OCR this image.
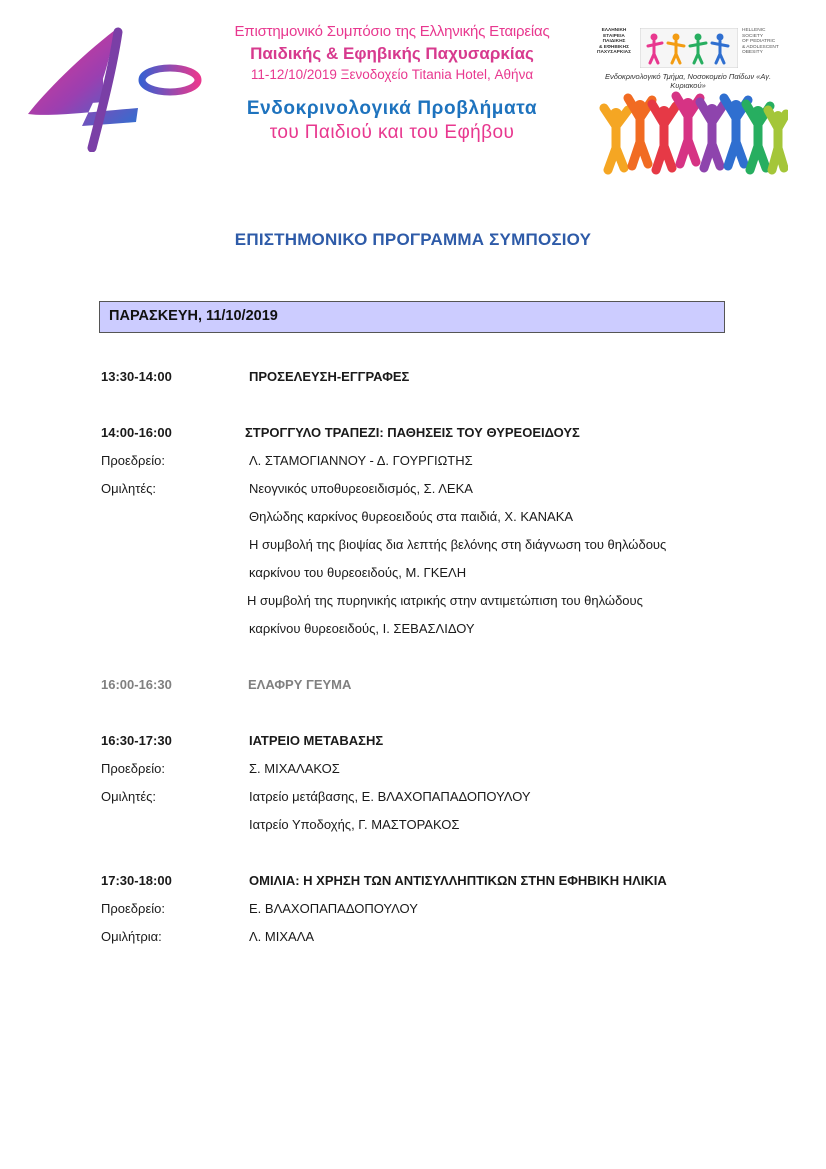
Επιστημονικό Συμπόσιο της Ελληνικής Εταιρείας
Παιδικής & Εφηβικής Παχυσαρκίας
11-12/10/2019 Ξενοδοχείο Titania Hotel, Αθήνα
Ενδοκρινολογικά Προβλήματα
του Παιδιού και του Εφήβου
ΕΛΛΗΝΙΚΗ
ΕΤΑΙΡΕΙΑ
ΠΑΙΔΙΚΗΣ
& ΕΦΗΒΙΚΗΣ
ΠΑΧΥΣΑΡΚΙΑΣ
HELLENIC
SOCIETY
OF PEDIATRIC
& ADOLESCENT
OBESITY
Ενδοκρινολογικό Τμήμα, Νοσοκομείο Παίδων «Αγ. Κυριακού»
ΕΠΙΣΤΗΜΟΝΙΚΟ ΠΡΟΓΡΑΜΜΑ ΣΥΜΠΟΣΙΟΥ
ΠΑΡΑΣΚΕΥΗ, 11/10/2019
13:30-14:00	ΠΡΟΣΕΛΕΥΣΗ-ΕΓΓΡΑΦΕΣ
14:00-16:00	ΣΤΡΟΓΓΥΛΟ ΤΡΑΠΕΖΙ: ΠΑΘΗΣΕΙΣ ΤΟΥ ΘΥΡΕΟΕΙΔΟΥΣ
Προεδρείο:	Λ. ΣΤΑΜΟΓΙΑΝΝΟΥ - Δ. ΓΟΥΡΓΙΩΤΗΣ
Ομιλητές:	Νεογνικός υποθυρεοειδισμός, Σ. ΛΕΚΑ
Θηλώδης καρκίνος θυρεοειδούς στα παιδιά, Χ. ΚΑΝΑΚΑ
Η συμβολή της βιοψίας δια λεπτής βελόνης στη διάγνωση του θηλώδους
καρκίνου του θυρεοειδούς, Μ. ΓΚΕΛΗ
Η συμβολή της πυρηνικής ιατρικής στην αντιμετώπιση του θηλώδους
καρκίνου θυρεοειδούς, Ι. ΣΕΒΑΣΛΙΔΟΥ
16:00-16:30	ΕΛΑΦΡΥ ΓΕΥΜΑ
16:30-17:30	ΙΑΤΡΕΙΟ ΜΕΤΑΒΑΣΗΣ
Προεδρείο:	Σ. ΜΙΧΑΛΑΚΟΣ
Ομιλητές:	Ιατρείο μετάβασης, Ε. ΒΛΑΧΟΠΑΠΑΔΟΠΟΥΛΟΥ
Ιατρείο Υποδοχής, Γ. ΜΑΣΤΟΡΑΚΟΣ
17:30-18:00	ΟΜΙΛΙΑ: Η ΧΡΗΣΗ ΤΩΝ ΑΝΤΙΣΥΛΛΗΠΤΙΚΩΝ ΣΤΗΝ ΕΦΗΒΙΚΗ ΗΛΙΚΙΑ
Προεδρείο:	Ε. ΒΛΑΧΟΠΑΠΑΔΟΠΟΥΛΟΥ
Ομιλήτρια:	Λ. ΜΙΧΑΛΑ
